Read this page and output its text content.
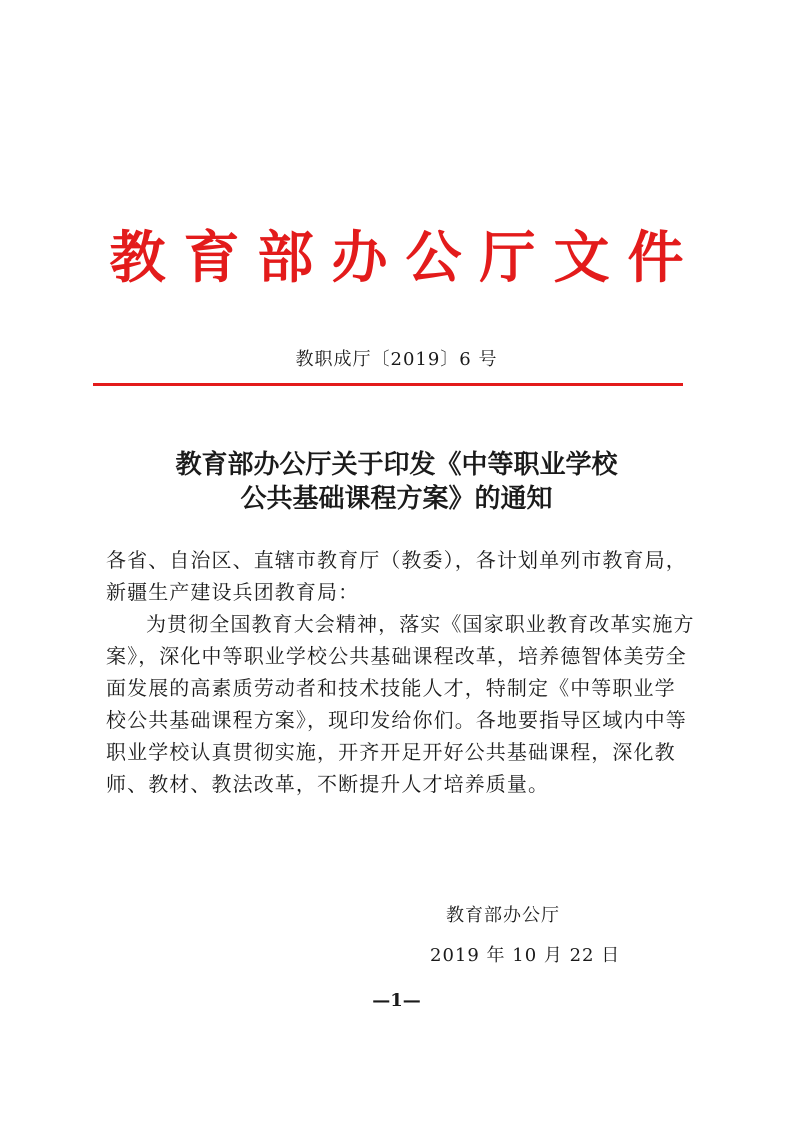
教育部办公厅文件
教职成厅〔2019〕6 号
教育部办公厅关于印发《中等职业学校
公共基础课程方案》的通知
各省、自治区、直辖市教育厅（教委），各计划单列市教育局，新疆生产建设兵团教育局：
为贯彻全国教育大会精神，落实《国家职业教育改革实施方案》，深化中等职业学校公共基础课程改革，培养德智体美劳全面发展的高素质劳动者和技术技能人才，特制定《中等职业学校公共基础课程方案》，现印发给你们。各地要指导区域内中等职业学校认真贯彻实施，开齐开足开好公共基础课程，深化教师、教材、教法改革，不断提升人才培养质量。
教育部办公厅
2019 年 10 月 22 日
—1—
